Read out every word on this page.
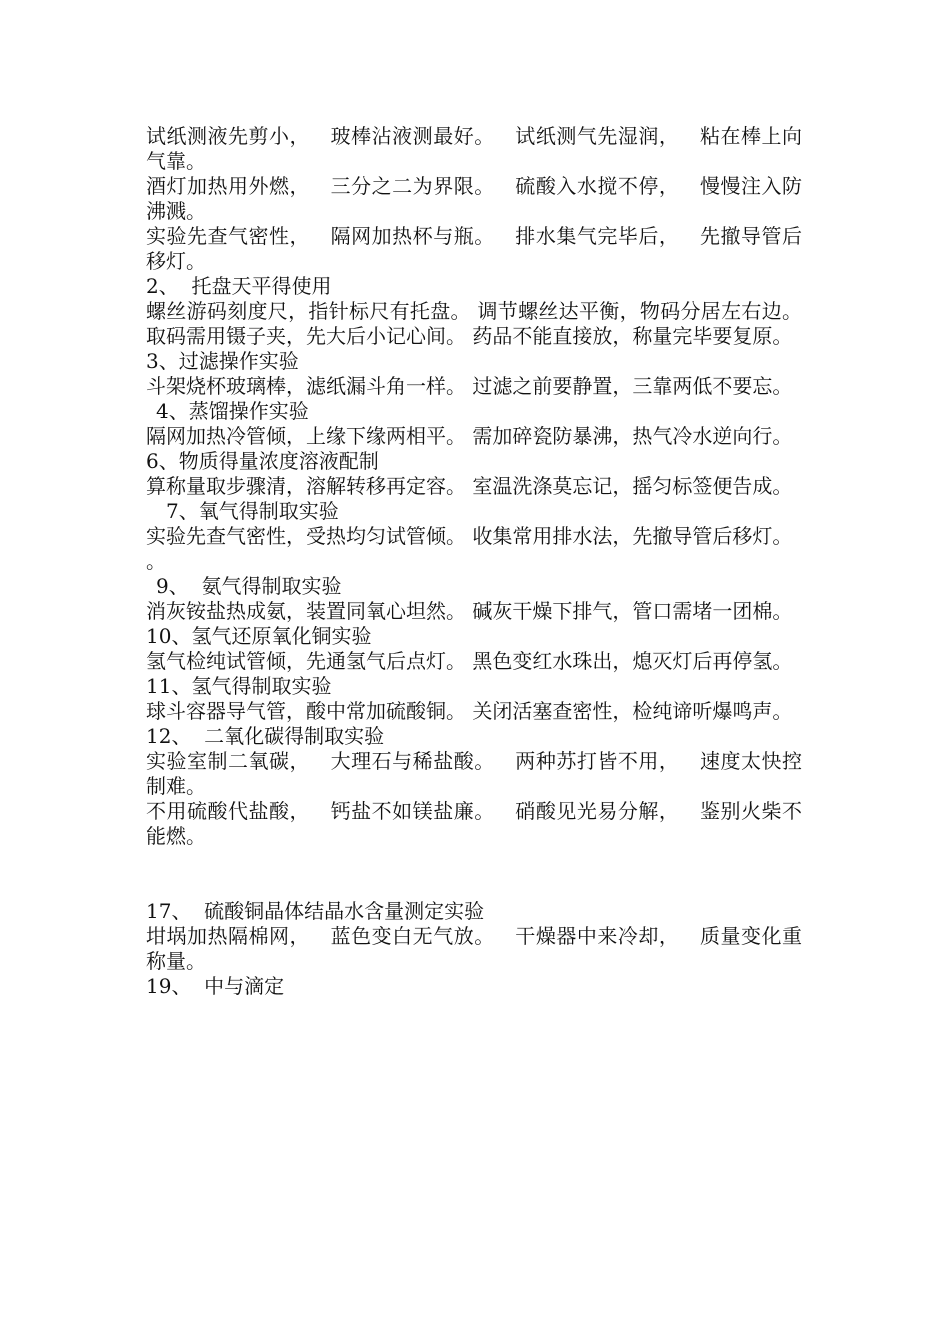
试纸测液先剪小，   玻棒沾液测最好。   试纸测气先湿润，   粘在棒上向气靠。

酒灯加热用外燃，   三分之二为界限。   硫酸入水搅不停，   慢慢注入防沸溅。

实验先查气密性，   隔网加热杯与瓶。   排水集气完毕后，   先撤导管后移灯。

2、  托盘天平得使用

螺丝游码刻度尺，指针标尺有托盘。 调节螺丝达平衡，物码分居左右边。  取码需用镊子夹，先大后小记心间。 药品不能直接放，称量完毕要复原。

3、过滤操作实验

斗架烧杯玻璃棒，滤纸漏斗角一样。 过滤之前要静置，三靠两低不要忘。

4、蒸馏操作实验

隔网加热冷管倾，上缘下缘两相平。 需加碎瓷防暴沸，热气冷水逆向行。

6、物质得量浓度溶液配制

算称量取步骤清，溶解转移再定容。 室温洗涤莫忘记，摇匀标签便告成。

7、氧气得制取实验

实验先查气密性，受热均匀试管倾。 收集常用排水法，先撤导管后移灯。

。

9、  氨气得制取实验

消灰铵盐热成氨，装置同氧心坦然。 碱灰干燥下排气，管口需堵一团棉。

10、氢气还原氧化铜实验

氢气检纯试管倾，先通氢气后点灯。 黑色变红水珠出，熄灭灯后再停氢。

11、氢气得制取实验

球斗容器导气管，酸中常加硫酸铜。 关闭活塞查密性，检纯谛听爆鸣声。

12、  二氧化碳得制取实验

实验室制二氧碳，   大理石与稀盐酸。   两种苏打皆不用，   速度太快控制难。

不用硫酸代盐酸，   钙盐不如镁盐廉。   硝酸见光易分解，   鉴别火柴不能燃。

17、  硫酸铜晶体结晶水含量测定实验

坩埚加热隔棉网，   蓝色变白无气放。   干燥器中来冷却，   质量变化重称量。

19、  中与滴定
